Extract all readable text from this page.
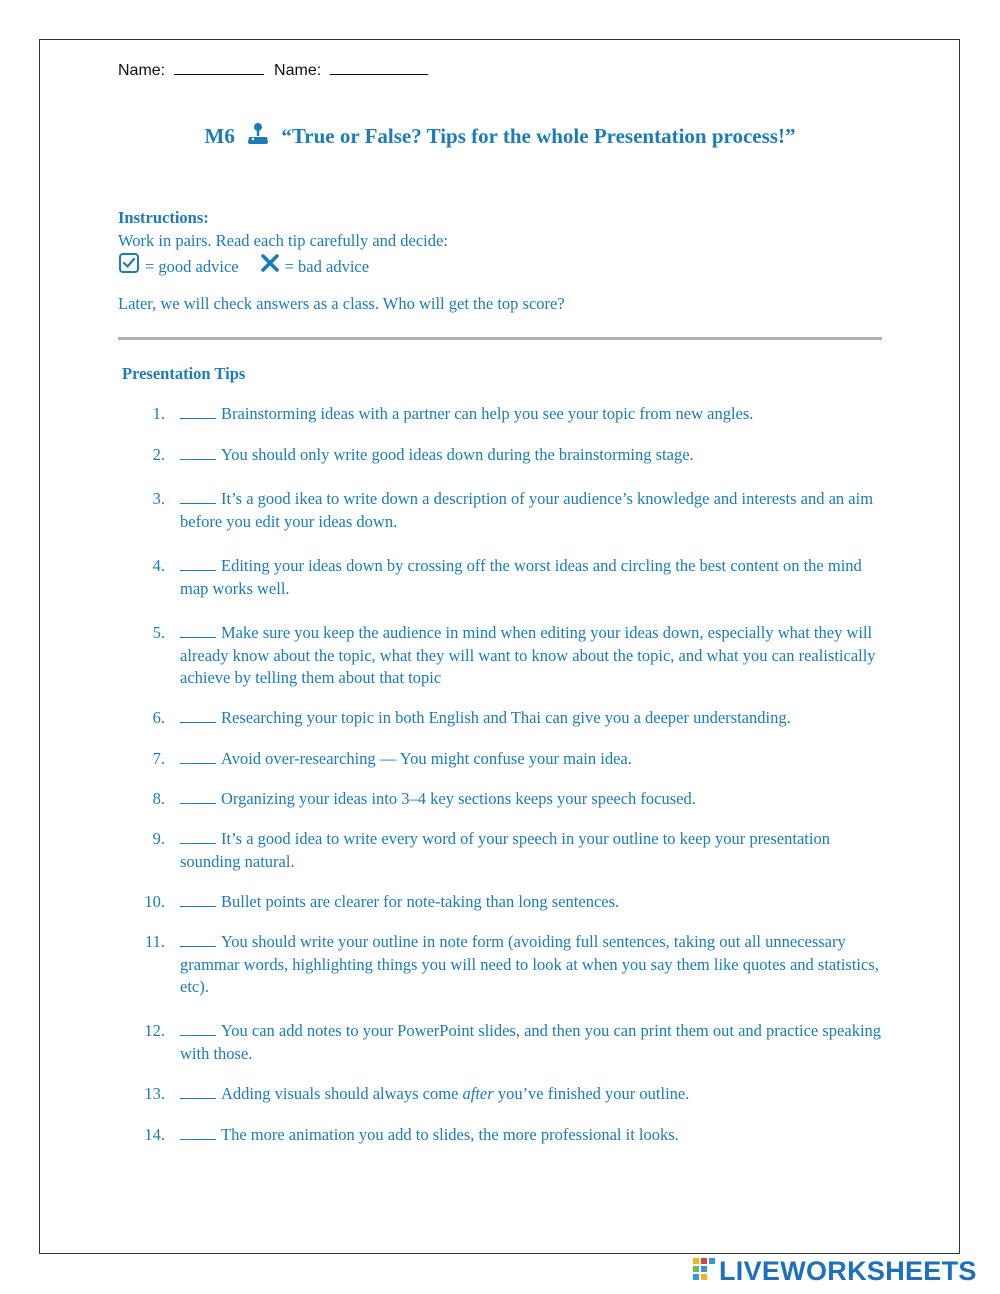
Name:	Name:
M6 “True or False? Tips for the whole Presentation process!”
Instructions:
Work in pairs. Read each tip carefully and decide:
= good advice	= bad advice
Later, we will check answers as a class. Who will get the top score?
Presentation Tips
1.	Brainstorming ideas with a partner can help you see your topic from new angles.
2.	You should only write good ideas down during the brainstorming stage.
3.	It’s a good ikea to write down a description of your audience’s knowledge and interests and an aim before you edit your ideas down.
4.	Editing your ideas down by crossing off the worst ideas and circling the best content on the mind map works well.
5.	Make sure you keep the audience in mind when editing your ideas down, especially what they will already know about the topic, what they will want to know about the topic, and what you can realistically achieve by telling them about that topic
6.	Researching your topic in both English and Thai can give you a deeper understanding.
7.	Avoid over-researching — You might confuse your main idea.
8.	Organizing your ideas into 3–4 key sections keeps your speech focused.
9.	It’s a good idea to write every word of your speech in your outline to keep your presentation sounding natural.
10.	Bullet points are clearer for note-taking than long sentences.
11.	You should write your outline in note form (avoiding full sentences, taking out all unnecessary grammar words, highlighting things you will need to look at when you say them like quotes and statistics, etc).
12.	You can add notes to your PowerPoint slides, and then you can print them out and practice speaking with those.
13.	Adding visuals should always come after you’ve finished your outline.
14.	The more animation you add to slides, the more professional it looks.
LIVEWORKSHEETS
